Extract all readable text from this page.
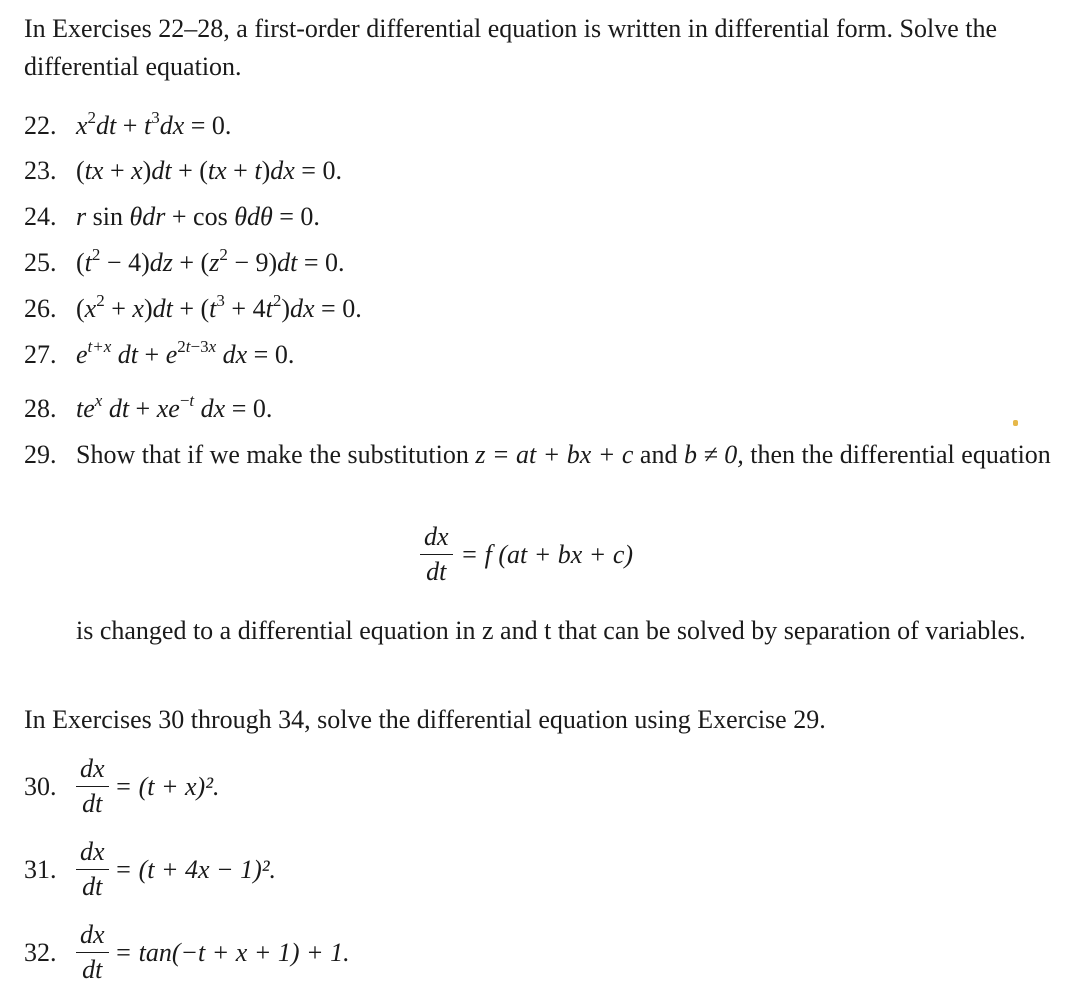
In Exercises 22–28, a first-order differential equation is written in differential form. Solve the differential equation.
22. $x^2dt + t^3dx = 0$.
23. (tx + x)dt + (tx + t)dx = 0.
24. r sin θdr + cos θdθ = 0.
25. $(t^2 - 4)dz + (z^2 - 9)dt = 0$.
26. $(x^2 + x)dt + (t^3 + 4t^2)dx = 0$.
27. $e^{t+x}$ dt + $e^{2t-3x}$ dx = 0.
28. $te^x$ dt + $xe^{-t}$ dx = 0.
29. Show that if we make the substitution z = at + bx + c and b ≠ 0, then the differential equation
$\frac{dx}{dt} = f$ (at + bx + c)
is changed to a differential equation in z and t that can be solved by separation of variables.
In Exercises 30 through 34, solve the differential equation using Exercise 29.
30. $\frac{dx}{dt} = (t + x)^2$.
31. $\frac{dx}{dt} = (t + 4x - 1)^2$.
32. $\frac{dx}{dt} = \tan(-t + x + 1) + 1$.
